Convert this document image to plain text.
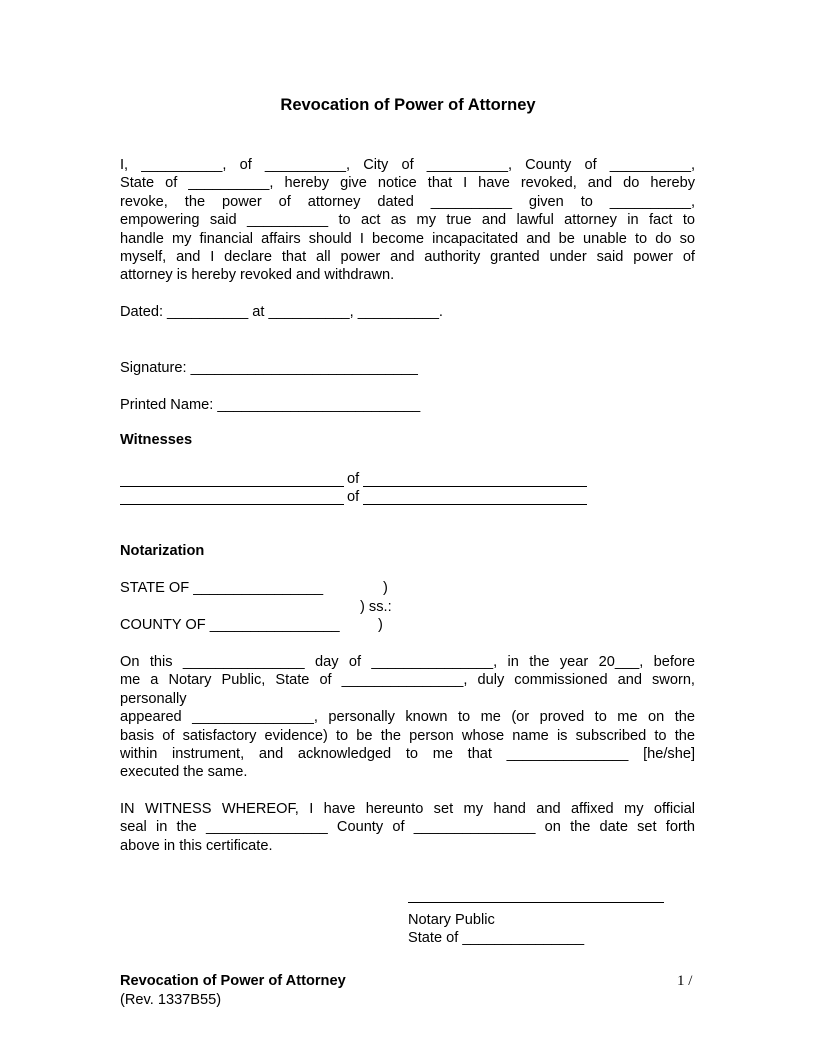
Revocation of Power of Attorney
I, __________, of __________, City of __________, County of __________,
State of __________, hereby give notice that I have revoked, and do hereby
revoke, the power of attorney dated __________ given to __________,
empowering said __________ to act as my true and lawful attorney in fact to
handle my financial affairs should I become incapacitated and be unable to do so
myself, and I declare that all power and authority granted under said power of
attorney is hereby revoked and withdrawn.
Dated: __________ at __________, __________.
Signature: ____________________________
Printed Name: _________________________
Witnesses
of
of
Notarization
STATE OF ________________	)
) ss.:
COUNTY OF ________________	)
On this _______________ day of _______________, in the year 20___, before
me a Notary Public, State of _______________, duly commissioned and sworn,
personally
appeared _______________, personally known to me (or proved to me on the
basis of satisfactory evidence) to be the person whose name is subscribed to the
within instrument, and acknowledged to me that _______________ [he/she]
executed the same.
IN WITNESS WHEREOF, I have hereunto set my hand and affixed my official
seal in the _______________ County of _______________ on the date set forth
above in this certificate.
Notary Public
State of _______________
Revocation of Power of Attorney
(Rev. 1337B55)
1 /
